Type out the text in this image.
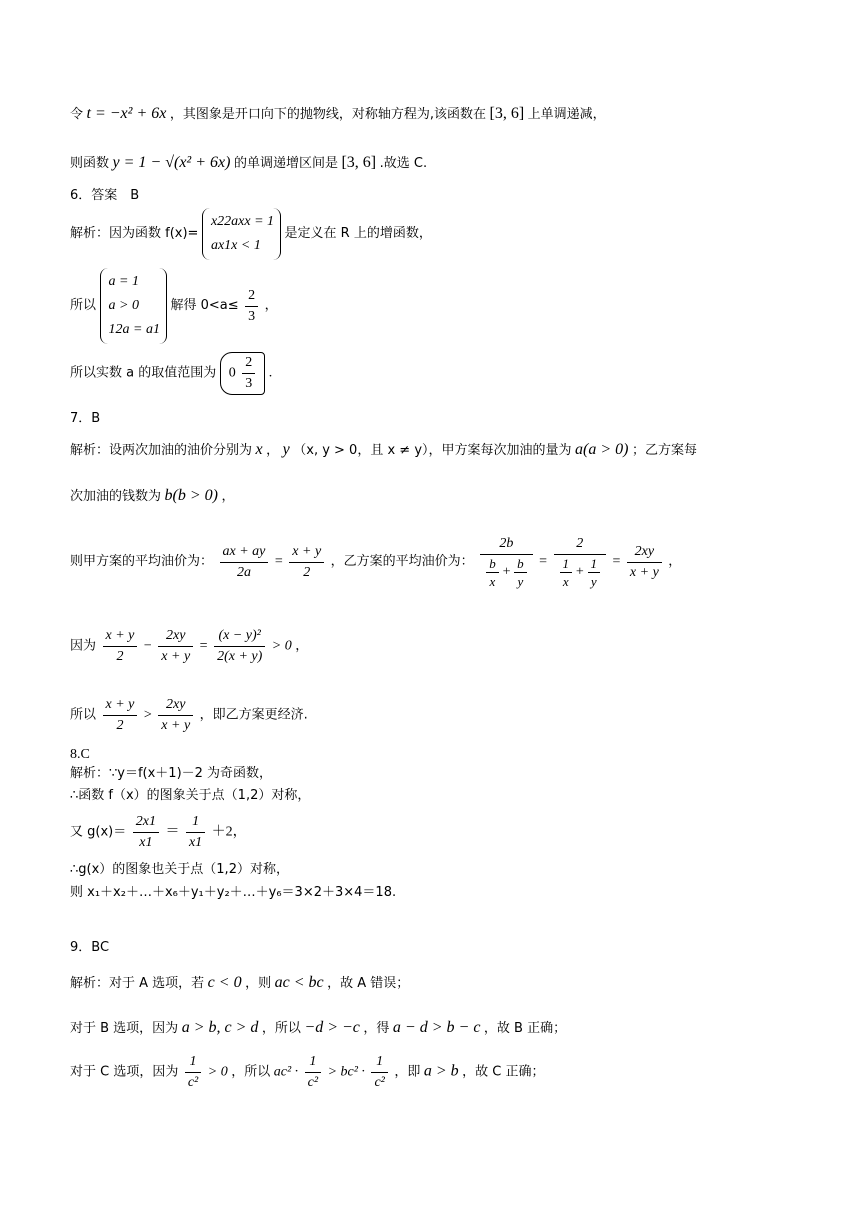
令 t = −x² + 6x ，其图象是开口向下的抛物线，对称轴方程为,该函数在 [3, 6] 上单调递减，
则函数 y = 1 − √(x² + 6x) 的单调递增区间是 [3, 6] .故选 C.
6．答案　B
解析：因为函数 f(x)=
x22axx = 1
ax1x < 1
是定义在 R 上的增函数，
所以
a = 1
a > 0
12a = a1
解得 $0<a\le \frac{2}{3}$ ，
所以实数 a 的取值范围为 $0 \frac{2}{3}$ .
7．B
解析：设两次加油的油价分别为 x ， y （x, y > 0，且 x ≠ y），甲方案每次加油的量为 a(a > 0) ；乙方案每
次加油的钱数为 b(b > 0) ，
则甲方案的平均油价为： $\frac{ax + ay}{2a} = \frac{x + y}{2}$ ，乙方案的平均油价为： $\frac{2b}{\frac{b}{x} + \frac{b}{y}} = \frac{2}{\frac{1}{x} + \frac{1}{y}} = \frac{2xy}{x + y}$ ，
因为 $\frac{x + y}{2} - \frac{2xy}{x + y} = \frac{\text{(x − y)²}}{2(x + y)} > 0$ ，
所以 $\frac{x + y}{2} > \frac{2xy}{x + y}$ ，即乙方案更经济.
8.C
解析：∵y＝f(x＋1)－2 为奇函数，
∴函数 f（x）的图象关于点（1,2）对称，
又 $g(x)= \frac{2x1}{x1} = \frac{1}{x1} +2$，
∴g(x）的图象也关于点（1,2）对称，
则 x₁＋x₂＋…＋x₆＋y₁＋y₂＋…＋y₆＝3×2＋3×4＝18.
9．BC
解析：对于 A 选项，若 c < 0 ，则 ac < bc ，故 A 错误；
对于 B 选项，因为 a > b, c > d ，所以 −d > −c ，得 a − d > b − c ，故 B 正确；
对于 C 选项，因为 $\frac{1}{\text{c²}} > 0$ ，所以 $ac^2 \cdot \frac{1}{\text{c²}} > bc^2 \cdot \frac{1}{\text{c²}}$ ，即 a > b ，故 C 正确；
